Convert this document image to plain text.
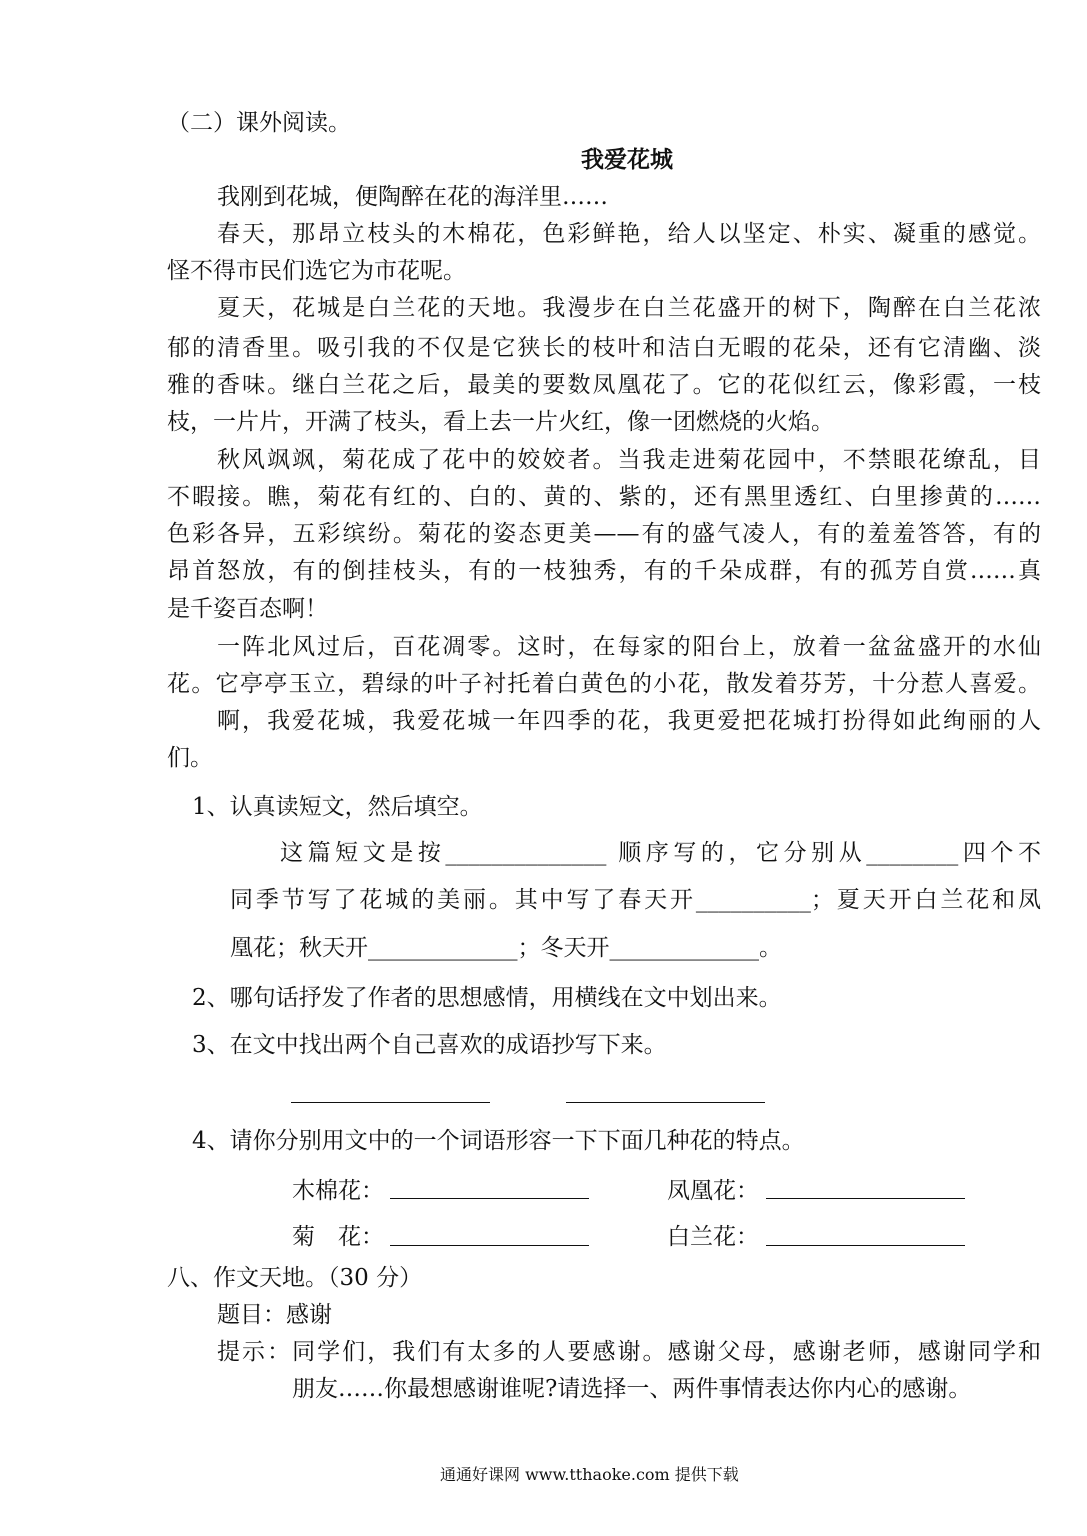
（二）课外阅读。
我爱花城
我刚到花城，便陶醉在花的海洋里……
春天，那昂立枝头的木棉花，色彩鲜艳，给人以坚定、朴实、凝重的感觉。
怪不得市民们选它为市花呢。
夏天，花城是白兰花的天地。我漫步在白兰花盛开的树下，陶醉在白兰花浓
郁的清香里。吸引我的不仅是它狭长的枝叶和洁白无暇的花朵，还有它清幽、淡
雅的香味。继白兰花之后，最美的要数凤凰花了。它的花似红云，像彩霞，一枝
枝，一片片，开满了枝头，看上去一片火红，像一团燃烧的火焰。
秋风飒飒，菊花成了花中的姣姣者。当我走进菊花园中，不禁眼花缭乱，目
不暇接。瞧，菊花有红的、白的、黄的、紫的，还有黑里透红、白里掺黄的……
色彩各异，五彩缤纷。菊花的姿态更美——有的盛气凌人，有的羞羞答答，有的
昂首怒放，有的倒挂枝头，有的一枝独秀，有的千朵成群，有的孤芳自赏……真
是千姿百态啊！
一阵北风过后，百花凋零。这时，在每家的阳台上，放着一盆盆盛开的水仙
花。它亭亭玉立，碧绿的叶子衬托着白黄色的小花，散发着芬芳，十分惹人喜爱。
啊，我爱花城，我爱花城一年四季的花，我更爱把花城打扮得如此绚丽的人
们。
1、认真读短文，然后填空。
这篇短文是按______________ 顺序写的，它分别从________四个不
同季节写了花城的美丽。其中写了春天开__________；夏天开白兰花和凤
凰花；秋天开_____________；冬天开_____________。
2、哪句话抒发了作者的思想感情，用横线在文中划出来。
3、在文中找出两个自己喜欢的成语抄写下来。
4、请你分别用文中的一个词语形容一下下面几种花的特点。
木棉花：	凤凰花：
菊　花：	白兰花：
八、作文天地。（30 分）
题目：感谢
提示：同学们，我们有太多的人要感谢。感谢父母，感谢老师，感谢同学和
朋友……你最想感谢谁呢?请选择一、两件事情表达你内心的感谢。
通通好课网 www.tthaoke.com 提供下载
